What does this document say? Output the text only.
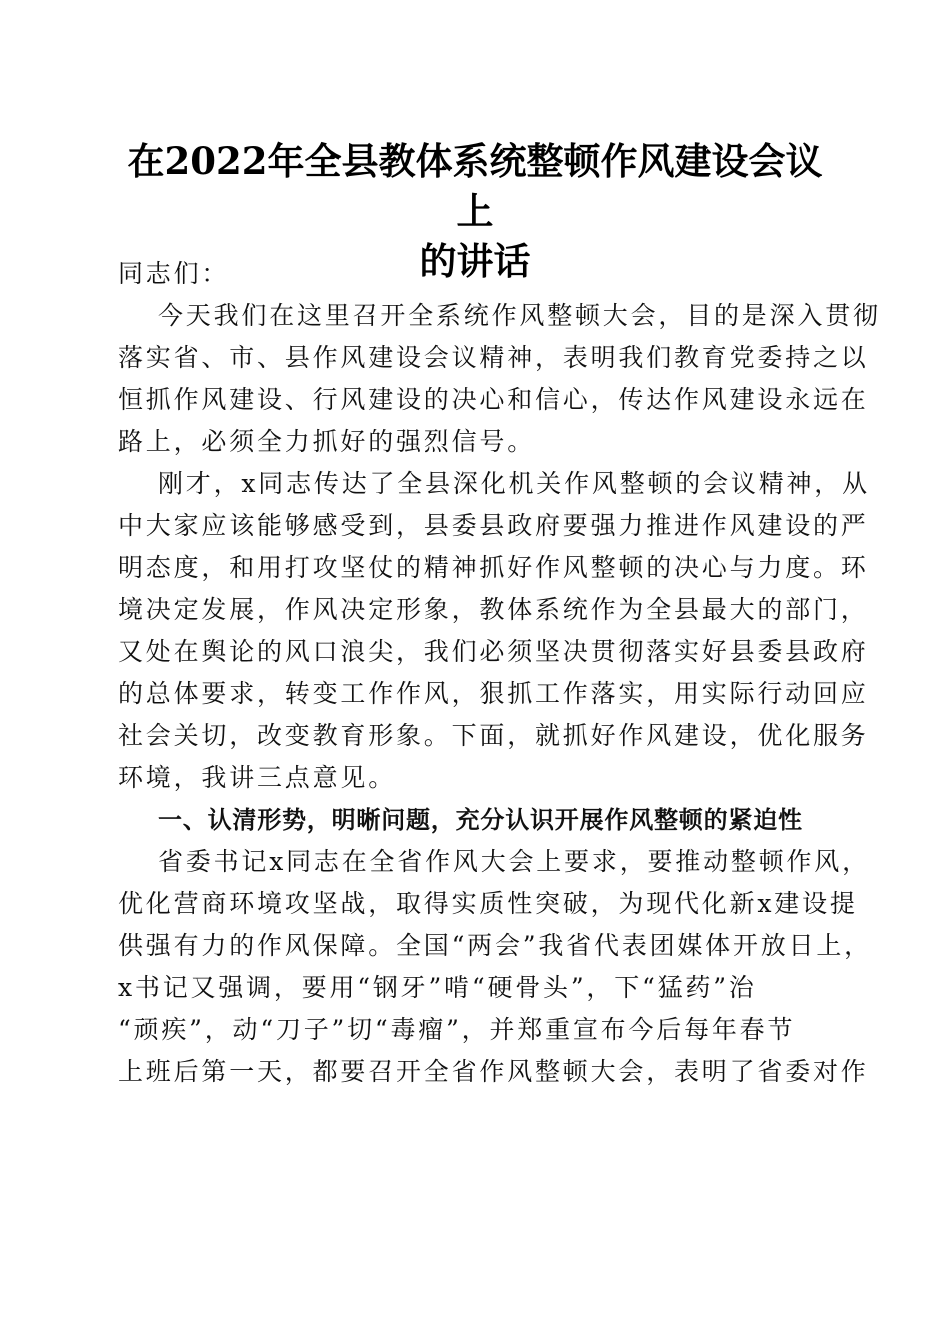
在2022年全县教体系统整顿作风建设会议上
的讲话
同志们：
今天我们在这里召开全系统作风整顿大会，目的是深入贯彻
落实省、市、县作风建设会议精神，表明我们教育党委持之以
恒抓作风建设、行风建设的决心和信心，传达作风建设永远在
路上，必须全力抓好的强烈信号。
刚才，x同志传达了全县深化机关作风整顿的会议精神，从
中大家应该能够感受到，县委县政府要强力推进作风建设的严
明态度，和用打攻坚仗的精神抓好作风整顿的决心与力度。环
境决定发展，作风决定形象，教体系统作为全县最大的部门，
又处在舆论的风口浪尖，我们必须坚决贯彻落实好县委县政府
的总体要求，转变工作作风，狠抓工作落实，用实际行动回应
社会关切，改变教育形象。下面，就抓好作风建设，优化服务
环境，我讲三点意见。
一、认清形势，明晰问题，充分认识开展作风整顿的紧迫性
省委书记x同志在全省作风大会上要求，要推动整顿作风，
优化营商环境攻坚战，取得实质性突破，为现代化新x建设提
供强有力的作风保障。全国“两会”我省代表团媒体开放日上，
x书记又强调，要用“钢牙”啃“硬骨头”，下“猛药”治
“顽疾”，动“刀子”切“毒瘤”，并郑重宣布今后每年春节
上班后第一天，都要召开全省作风整顿大会，表明了省委对作
